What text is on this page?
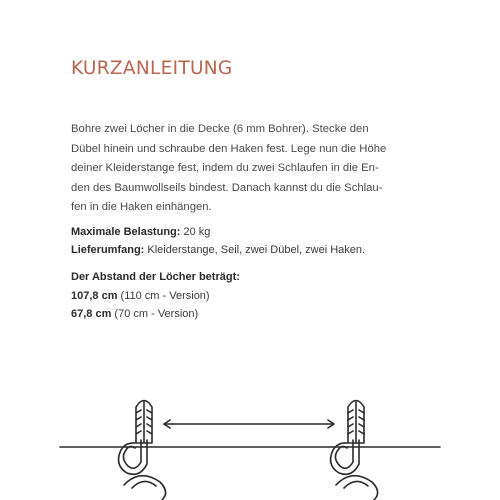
KURZANLEITUNG
Bohre zwei Löcher in die Decke (6 mm Bohrer). Stecke den
Dübel hinein und schraube den Haken fest. Lege nun die Höhe
deiner Kleiderstange fest, indem du zwei Schlaufen in die En-
den des Baumwollseils bindest. Danach kannst du die Schlau-
fen in die Haken einhängen.
Maximale Belastung: 20 kg
Lieferumfang: Kleiderstange, Seil, zwei Dübel, zwei Haken.
Der Abstand der Löcher beträgt:
107,8 cm (110 cm - Version)
67,8 cm (70 cm - Version)
